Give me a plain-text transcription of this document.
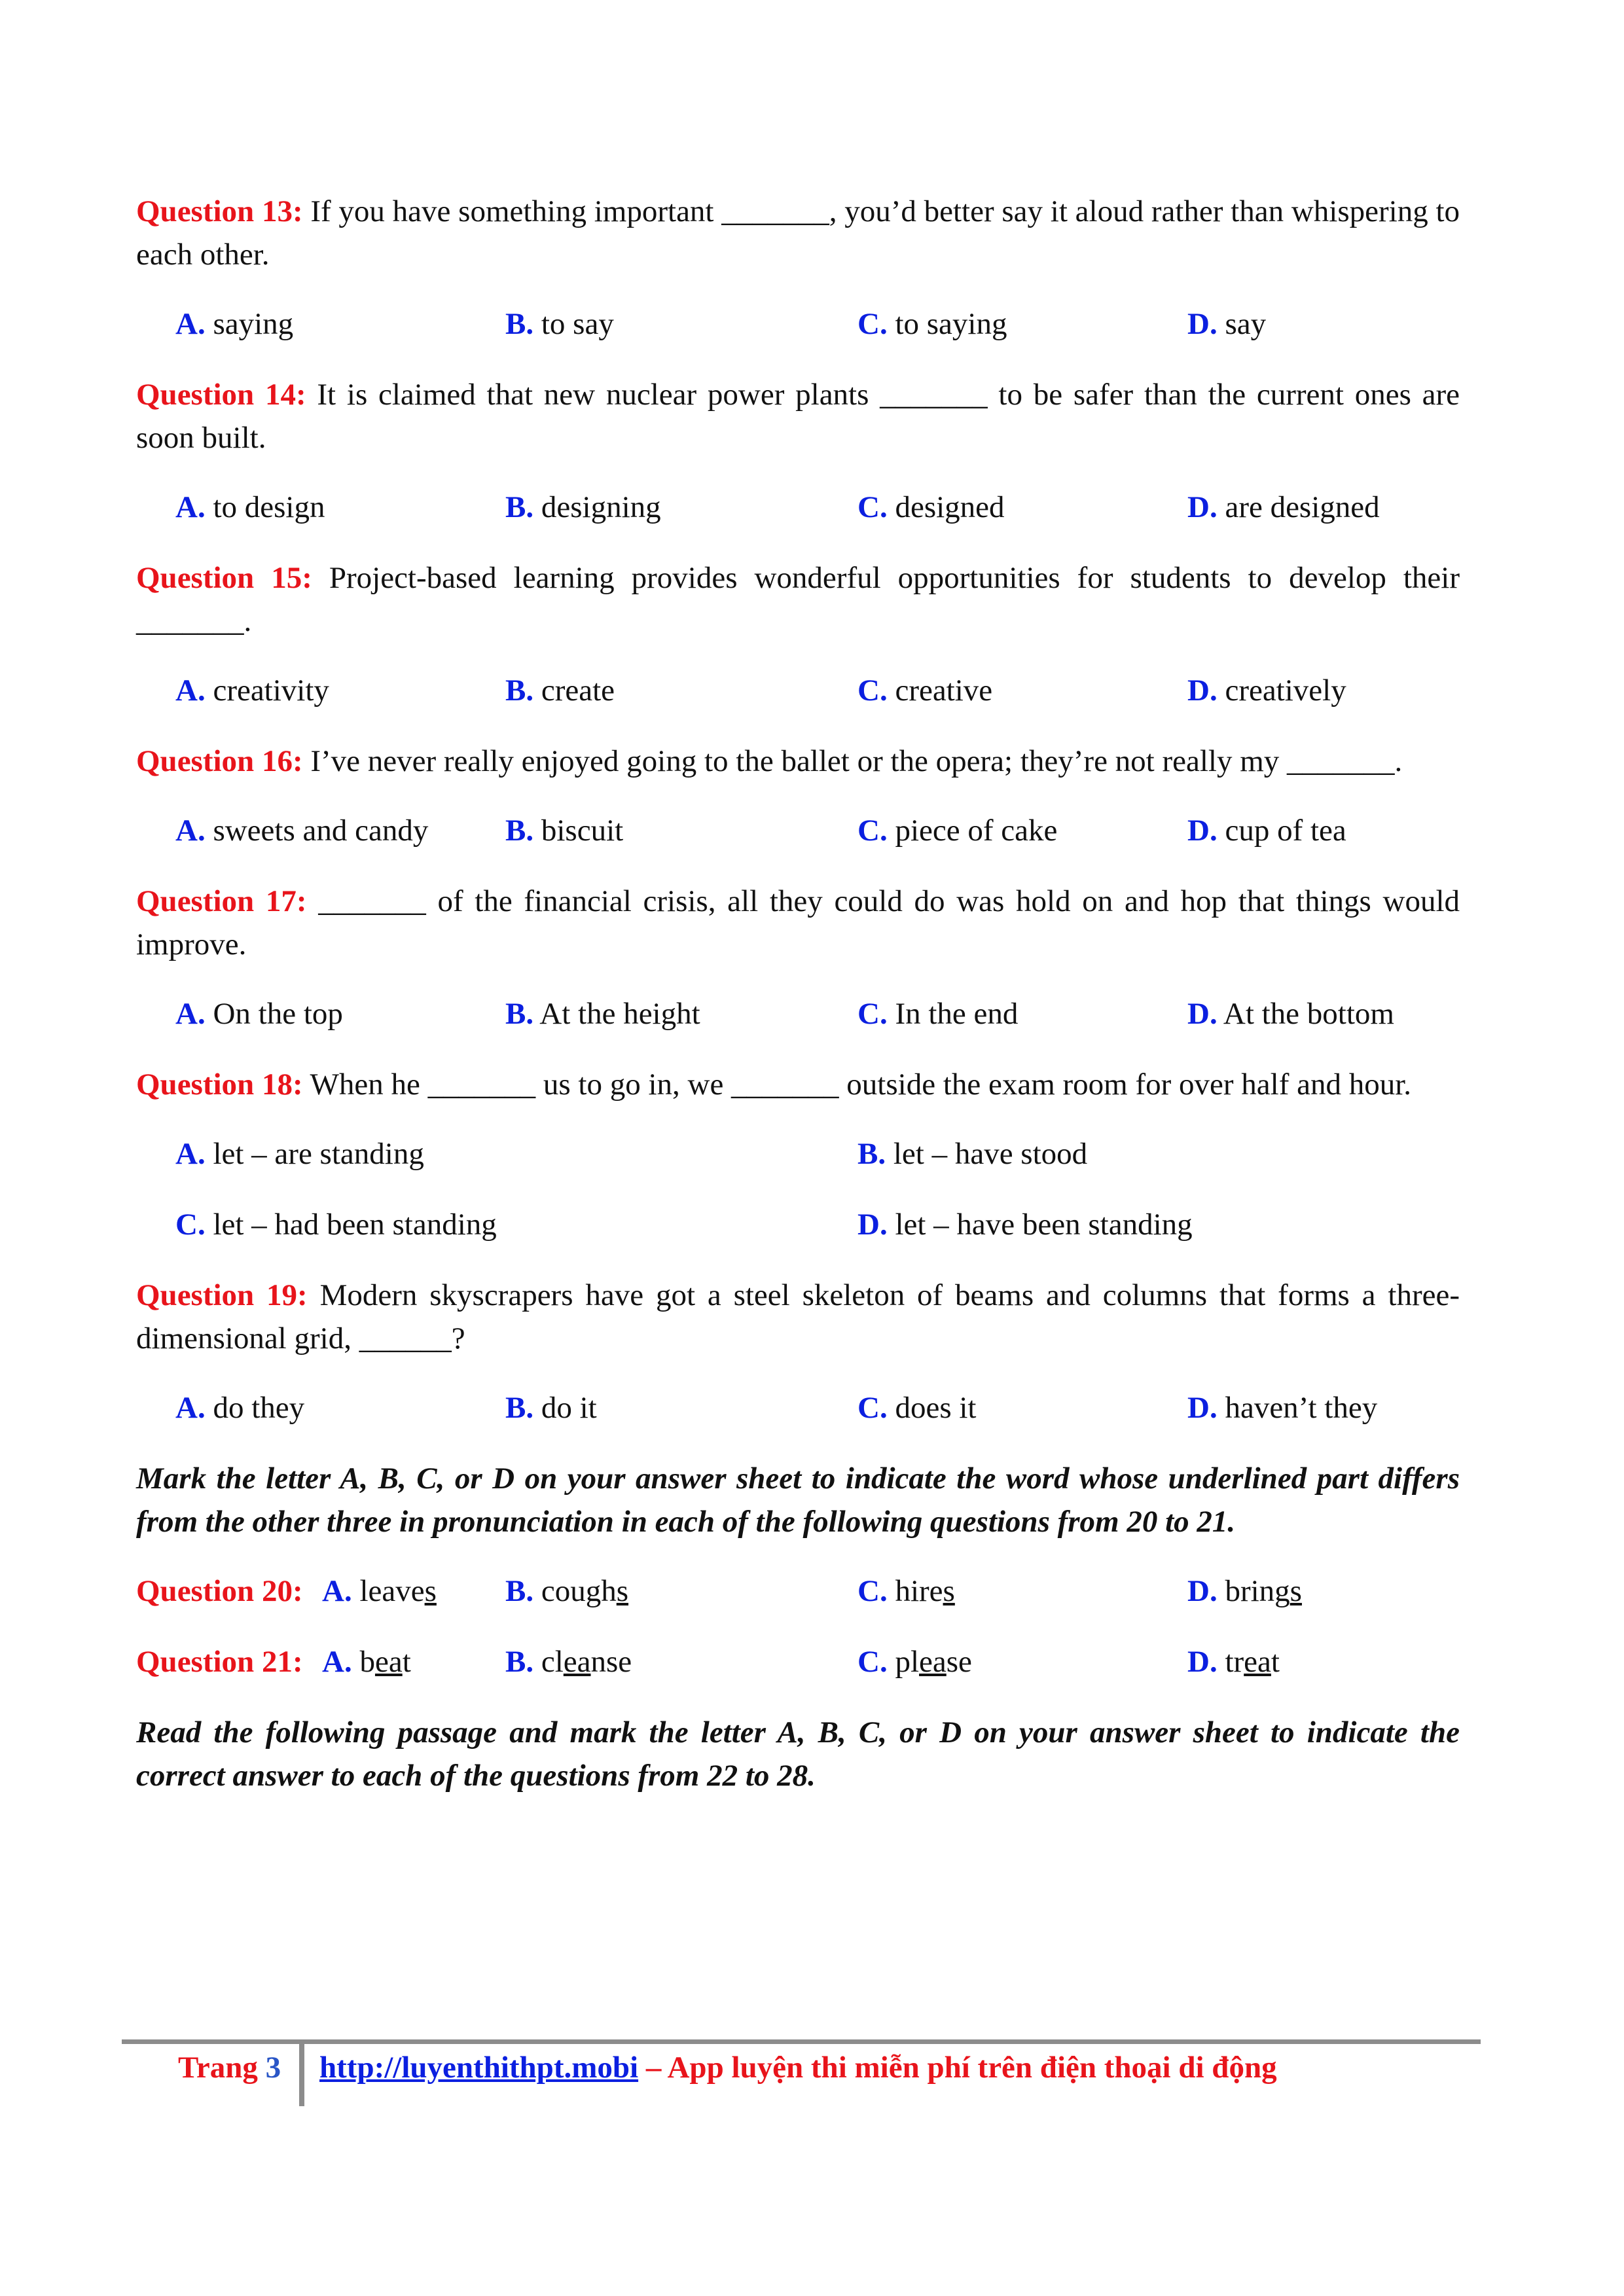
Question 13: If you have something important _______, you’d better say it aloud rather than whispering to each other.

A. saying	B. to say	C. to saying	D. say

Question 14: It is claimed that new nuclear power plants _______ to be safer than the current ones are soon built.

A. to design	B. designing	C. designed	D. are designed

Question 15: Project-based learning provides wonderful opportunities for students to develop their _______.

A. creativity	B. create	C. creative	D. creatively

Question 16: I’ve never really enjoyed going to the ballet or the opera; they’re not really my _______.

A. sweets and candy	B. biscuit	C. piece of cake	D. cup of tea

Question 17: _______ of the financial crisis, all they could do was hold on and hop that things would improve.

A. On the top	B. At the height	C. In the end	D. At the bottom

Question 18: When he _______ us to go in, we _______ outside the exam room for over half and hour.

A. let – are standing	B. let – have stood
C. let – had been standing	D. let – have been standing

Question 19: Modern skyscrapers have got a steel skeleton of beams and columns that forms a three-dimensional grid, ______?

A. do they	B. do it	C. does it	D. haven’t they

Mark the letter A, B, C, or D on your answer sheet to indicate the word whose underlined part differs from the other three in pronunciation in each of the following questions from 20 to 21.

Question 20: A. leaves B. coughs	C. hires	D. brings
Question 21: A. beat	B. cleanse	C. please	D. treat

Read the following passage and mark the letter A, B, C, or D on your answer sheet to indicate the correct answer to each of the questions from 22 to 28.

Trang 3 http://luyenthithpt.mobi – App luyện thi miễn phí trên điện thoại di động
